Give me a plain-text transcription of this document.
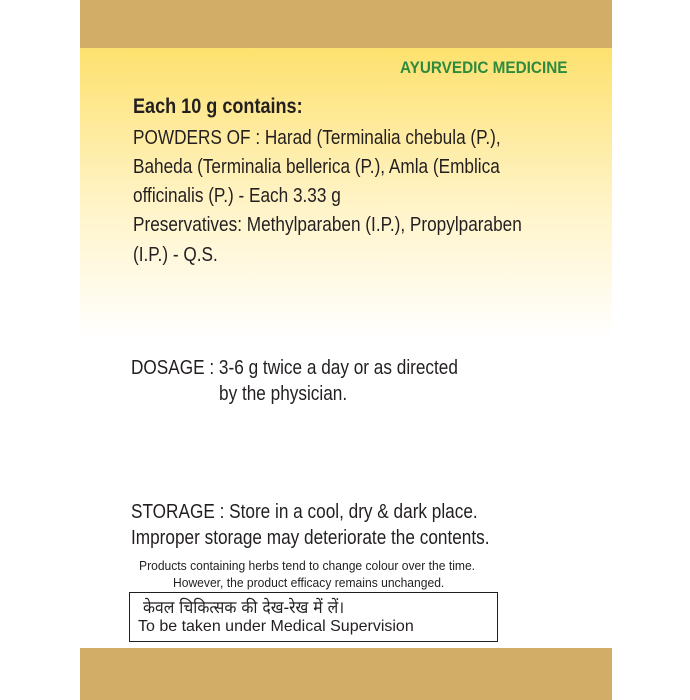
AYURVEDIC MEDICINE
Each 10 g contains:
POWDERS OF : Harad (Terminalia chebula (P.),
Baheda (Terminalia bellerica (P.), Amla (Emblica
officinalis (P.) - Each 3.33 g
Preservatives: Methylparaben (I.P.), Propylparaben
(I.P.) - Q.S.
DOSAGE : 3-6 g twice a day or as directed
by the physician.
STORAGE : Store in a cool, dry & dark place.
Improper storage may deteriorate the contents.
Products containing herbs tend to change colour over the time.
However, the product efficacy remains unchanged.
केवल चिकित्सक की देख-रेख में लें।
To be taken under Medical Supervision
